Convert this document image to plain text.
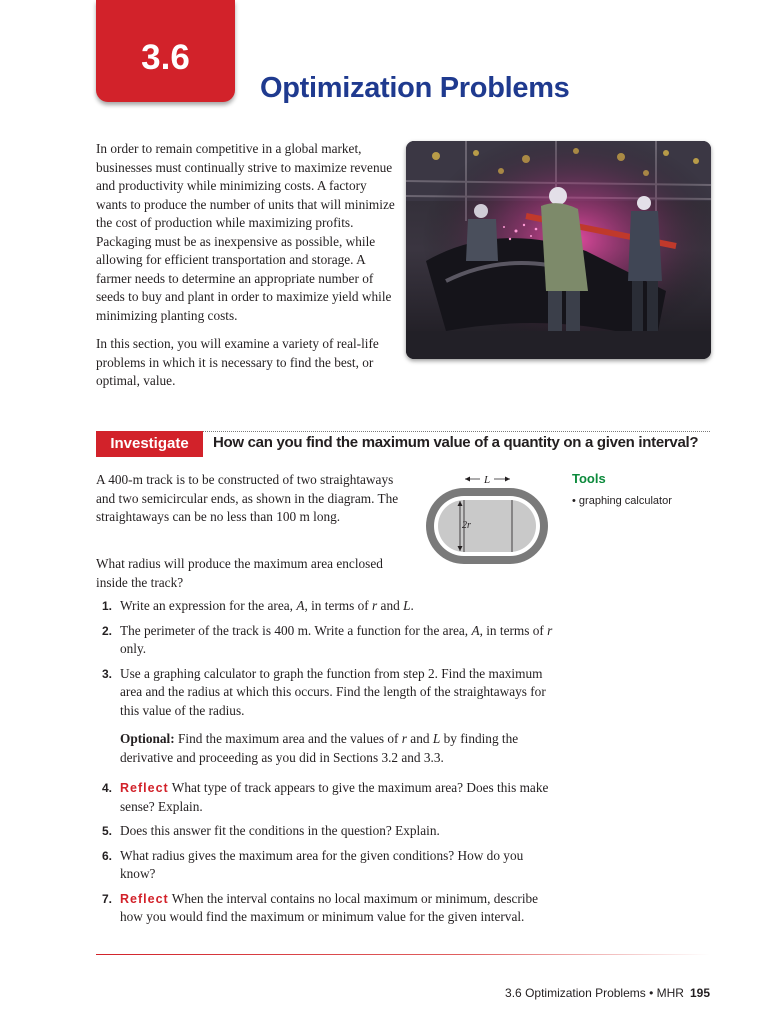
3.6
Optimization Problems

In order to remain competitive in a global market, businesses must continually strive to maximize revenue and productivity while minimizing costs. A factory wants to produce the number of units that will minimize the cost of production while maximizing profits. Packaging must be as inexpensive as possible, while allowing for efficient transportation and storage. A farmer needs to determine an appropriate number of seeds to buy and plant in order to maximize yield while minimizing planting costs.

In this section, you will examine a variety of real-life problems in which it is necessary to find the best, or optimal, value.

Investigate	How can you find the maximum value of a quantity on a given interval?
A 400-m track is to be constructed of two straightaways and two semicircular ends, as shown in the diagram. The straightaways can be no less than 100 m long.
What radius will produce the maximum area enclosed inside the track?
L
2r
Tools
• graphing calculator
1. Write an expression for the area, A, in terms of r and L.
2. The perimeter of the track is 400 m. Write a function for the area, A, in terms of r only.
3. Use a graphing calculator to graph the function from step 2. Find the maximum area and the radius at which this occurs. Find the length of the straightaways for this value of the radius.
Optional: Find the maximum area and the values of r and L by finding the derivative and proceeding as you did in Sections 3.2 and 3.3.
4. Reflect What type of track appears to give the maximum area? Does this make sense? Explain.
5. Does this answer fit the conditions in the question? Explain.
6. What radius gives the maximum area for the given conditions? How do you know?
7. Reflect When the interval contains no local maximum or minimum, describe how you would find the maximum or minimum value for the given interval.
3.6 Optimization Problems • MHR 195
